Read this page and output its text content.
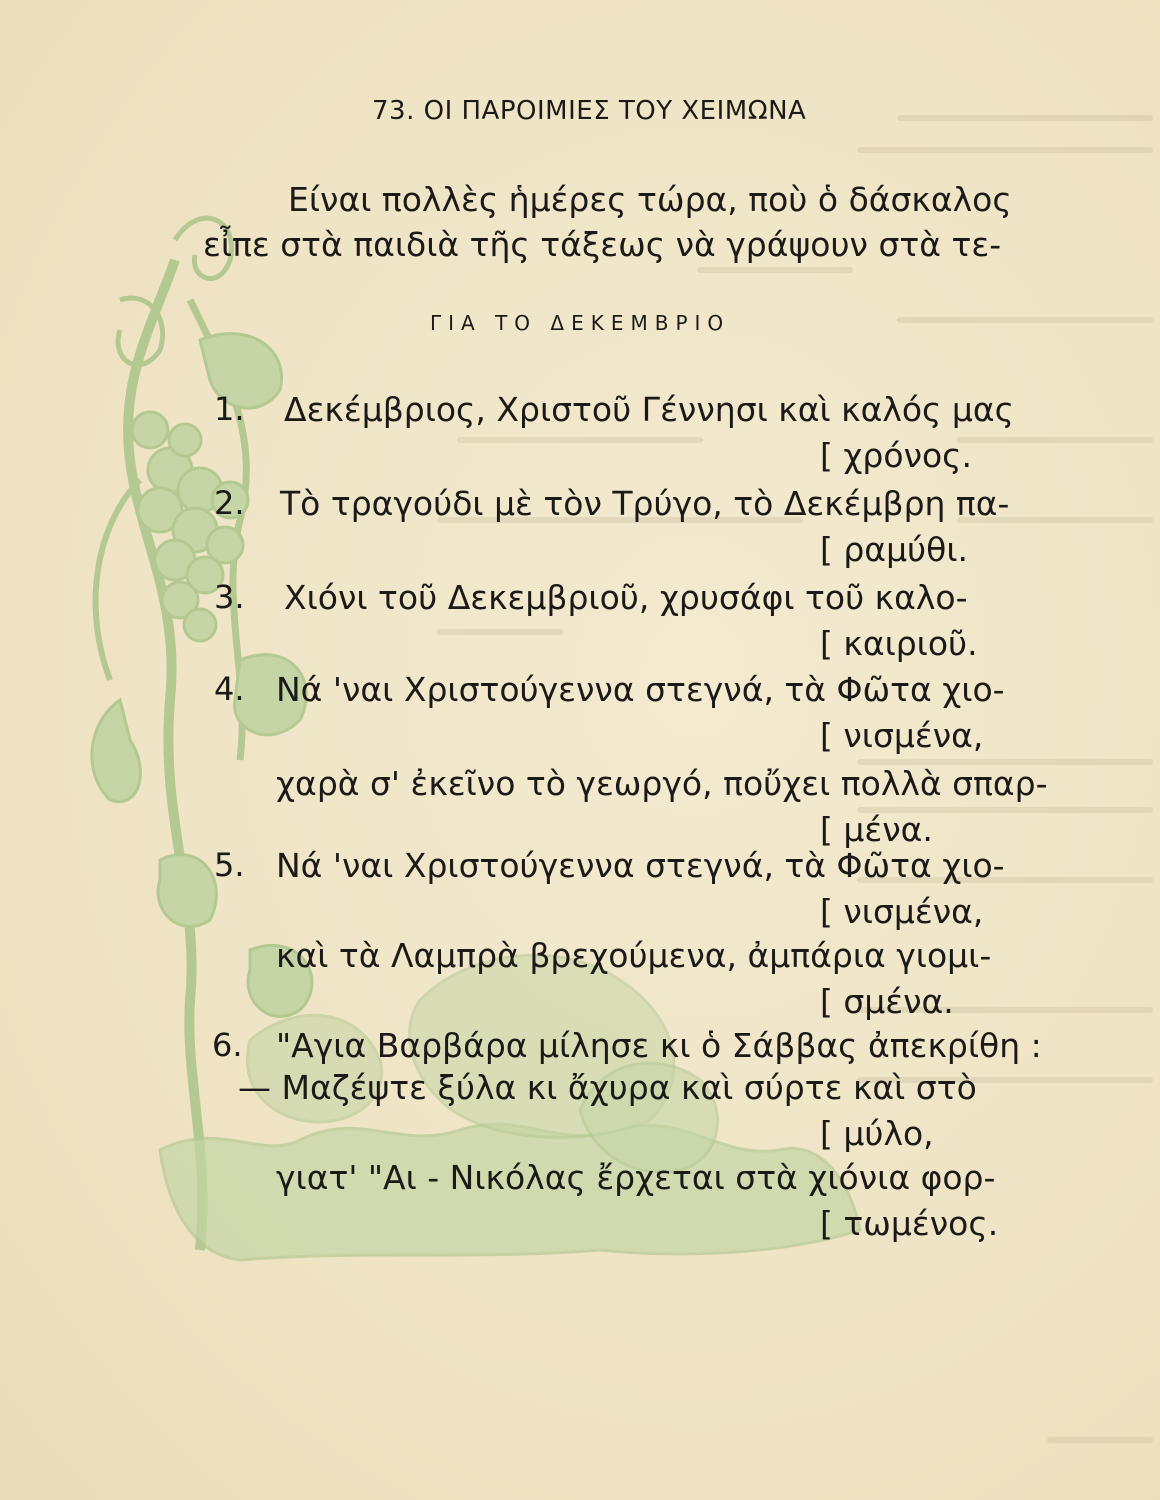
73. ΟΙ ΠΑΡΟΙΜΙΕΣ ΤΟΥ ΧΕΙΜΩΝΑ
Είναι πολλὲς ἡμέρες τώρα, ποὺ ὁ δάσκαλος
εἶπε στὰ παιδιὰ τῆς τάξεως νὰ γράψουν στὰ τε-
ΓΙΑ ΤΟ ΔΕΚΕΜΒΡΙΟ
1. Δεκέμβριος, Χριστοῦ Γέννησι καὶ καλός μας
[ χρόνος.
2. Τὸ τραγούδι μὲ τὸν Τρύγο, τὸ Δεκέμβρη πα-
[ ραμύθι.
3. Χιόνι τοῦ Δεκεμβριοῦ, χρυσάφι τοῦ καλο-
[ καιριοῦ.
4. Νά 'ναι Χριστούγεννα στεγνά, τὰ Φῶτα χιο-
[ νισμένα,
χαρὰ σ' ἐκεῖνο τὸ γεωργό, ποὔχει πολλὰ σπαρ-
[ μένα.
5. Νά 'ναι Χριστούγεννα στεγνά, τὰ Φῶτα χιο-
[ νισμένα,
καὶ τὰ Λαμπρὰ βρεχούμενα, ἀμπάρια γιομι-
[ σμένα.
6. "Αγια Βαρβάρα μίλησε κι ὁ Σάββας ἀπεκρίθη :
— Μαζέψτε ξύλα κι ἄχυρα καὶ σύρτε καὶ στὸ
[ μύλο,
γιατ' "Αι - Νικόλας ἔρχεται στὰ χιόνια φορ-
[ τωμένος.
